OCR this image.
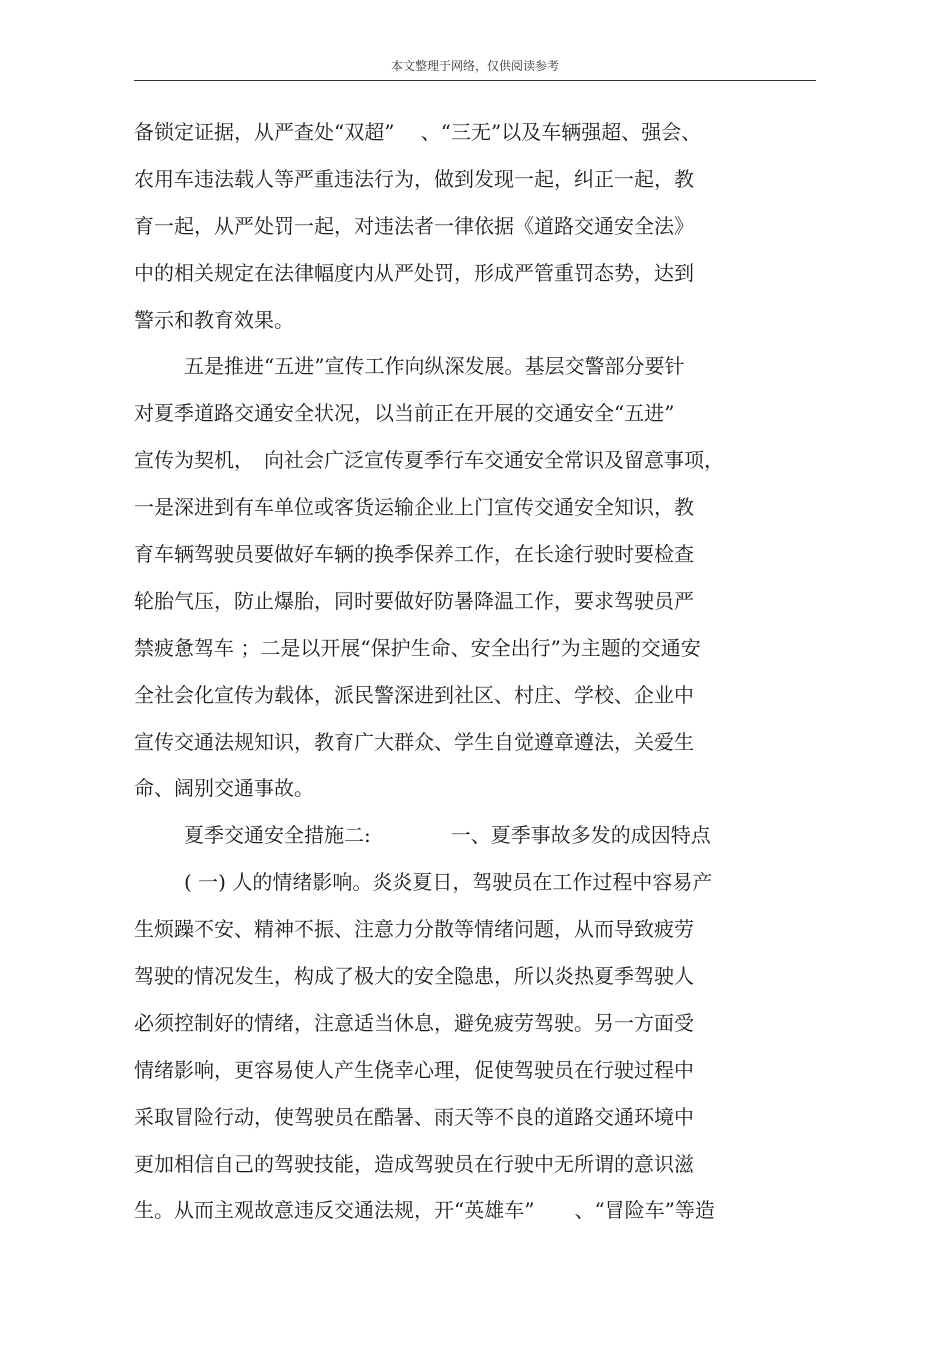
本文整理于网络，仅供阅读参考
备锁定证据，从严查处“双超”　 、“三无”以及车辆强超、强会、
农用车违法载人等严重违法行为，做到发现一起，纠正一起，教
育一起，从严处罚一起，对违法者一律依据《道路交通安全法》
中的相关规定在法律幅度内从严处罚，形成严管重罚态势，达到
警示和教育效果。
五是推进“五进”宣传工作向纵深发展。基层交警部分要针
对夏季道路交通安全状况，以当前正在开展的交通安全“五进”
宣传为契机，　向社会广泛宣传夏季行车交通安全常识及留意事项，
一是深进到有车单位或客货运输企业上门宣传交通安全知识，教
育车辆驾驶员要做好车辆的换季保养工作，在长途行驶时要检查
轮胎气压，防止爆胎，同时要做好防暑降温工作，要求驾驶员严
禁疲惫驾车 ；二是以开展“保护生命、安全出行”为主题的交通安
全社会化宣传为载体，派民警深进到社区、村庄、学校、企业中
宣传交通法规知识，教育广大群众、学生自觉遵章遵法，关爱生
命、阔别交通事故。
夏季交通安全措施二:　　　　一、夏季事故多发的成因特点
( 一) 人的情绪影响。炎炎夏日，驾驶员在工作过程中容易产
生烦躁不安、精神不振、注意力分散等情绪问题，从而导致疲劳
驾驶的情况发生，构成了极大的安全隐患，所以炎热夏季驾驶人
必须控制好的情绪，注意适当休息，避免疲劳驾驶。另一方面受
情绪影响，更容易使人产生侥幸心理，促使驾驶员在行驶过程中
采取冒险行动，使驾驶员在酷暑、雨天等不良的道路交通环境中
更加相信自己的驾驶技能，造成驾驶员在行驶中无所谓的意识滋
生。从而主观故意违反交通法规，开“英雄车”　　、“冒险车”等造
